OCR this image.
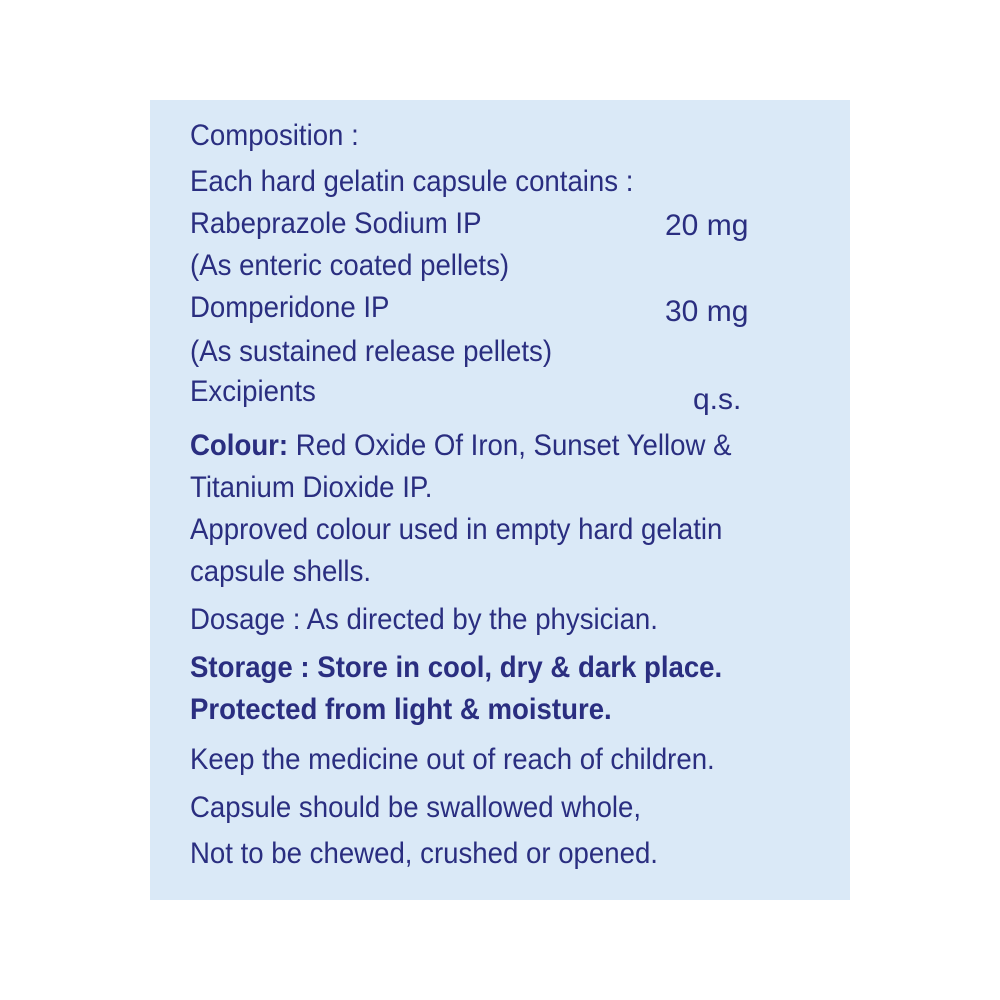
Composition :
Each hard gelatin capsule contains :
Rabeprazole Sodium IP	20 mg
(As enteric coated pellets)
Domperidone IP	30 mg
(As sustained release pellets)
Excipients	q.s.
Colour: Red Oxide Of Iron, Sunset Yellow &
Titanium Dioxide IP.
Approved colour used in empty hard gelatin
capsule shells.
Dosage : As directed by the physician.
Storage : Store in cool, dry & dark place.
Protected from light & moisture.
Keep the medicine out of reach of children.
Capsule should be swallowed whole,
Not to be chewed, crushed or opened.
